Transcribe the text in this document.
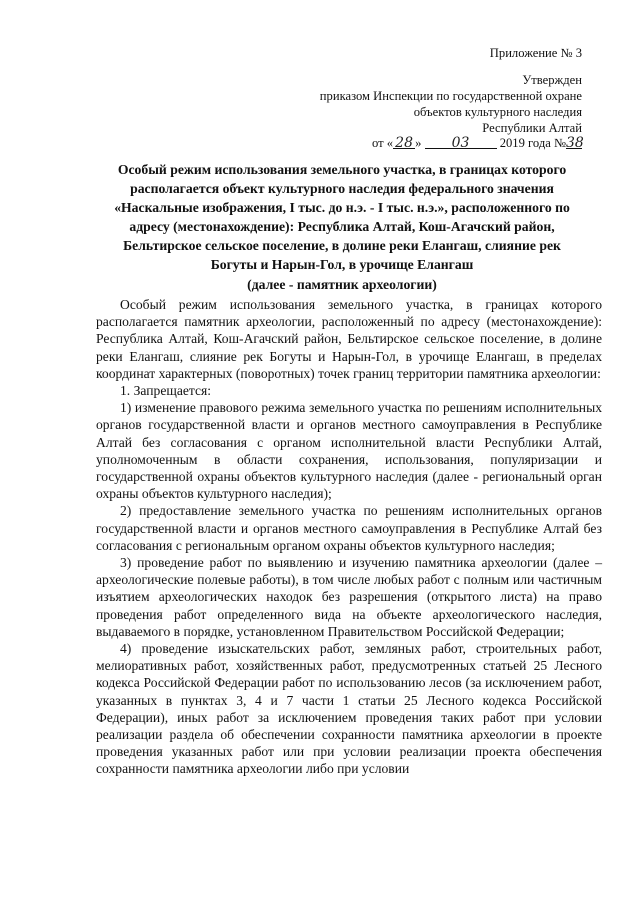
Приложение № 3
Утвержден
приказом Инспекции по государственной охране
объектов культурного наследия
Республики Алтай
от « 28 » 03 2019 года №38
Особый режим использования земельного участка, в границах которого
располагается объект культурного наследия федерального значения
«Наскальные изображения, I тыс. до н.э. - I тыс. н.э.», расположенного по
адресу (местонахождение): Республика Алтай, Кош-Агачский район,
Бельтирское сельское поселение, в долине реки Елангаш, слияние рек
Богуты и Нарын-Гол, в урочище Елангаш
(далее - памятник археологии)

Особый режим использования земельного участка, в границах которого располагается памятник археологии, расположенный по адресу (местонахождение): Республика Алтай, Кош-Агачский район, Бельтирское сельское поселение, в долине реки Елангаш, слияние рек Богуты и Нарын-Гол, в урочище Елангаш, в пределах координат характерных (поворотных) точек границ территории памятника археологии:

1. Запрещается:

1) изменение правового режима земельного участка по решениям исполнительных органов государственной власти и органов местного самоуправления в Республике Алтай без согласования с органом исполнительной власти Республики Алтай, уполномоченным в области сохранения, использования, популяризации и государственной охраны объектов культурного наследия (далее - региональный орган охраны объектов культурного наследия);

2) предоставление земельного участка по решениям исполнительных органов государственной власти и органов местного самоуправления в Республике Алтай без согласования с региональным органом охраны объектов культурного наследия;

3) проведение работ по выявлению и изучению памятника археологии (далее – археологические полевые работы), в том числе любых работ с полным или частичным изъятием археологических находок без разрешения (открытого листа) на право проведения работ определенного вида на объекте археологического наследия, выдаваемого в порядке, установленном Правительством Российской Федерации;

4) проведение изыскательских работ, земляных работ, строительных работ, мелиоративных работ, хозяйственных работ, предусмотренных статьей 25 Лесного кодекса Российской Федерации работ по использованию лесов (за исключением работ, указанных в пунктах 3, 4 и 7 части 1 статьи 25 Лесного кодекса Российской Федерации), иных работ за исключением проведения таких работ при условии реализации раздела об обеспечении сохранности памятника археологии в проекте проведения указанных работ или при условии реализации проекта обеспечения сохранности памятника археологии либо при условии
